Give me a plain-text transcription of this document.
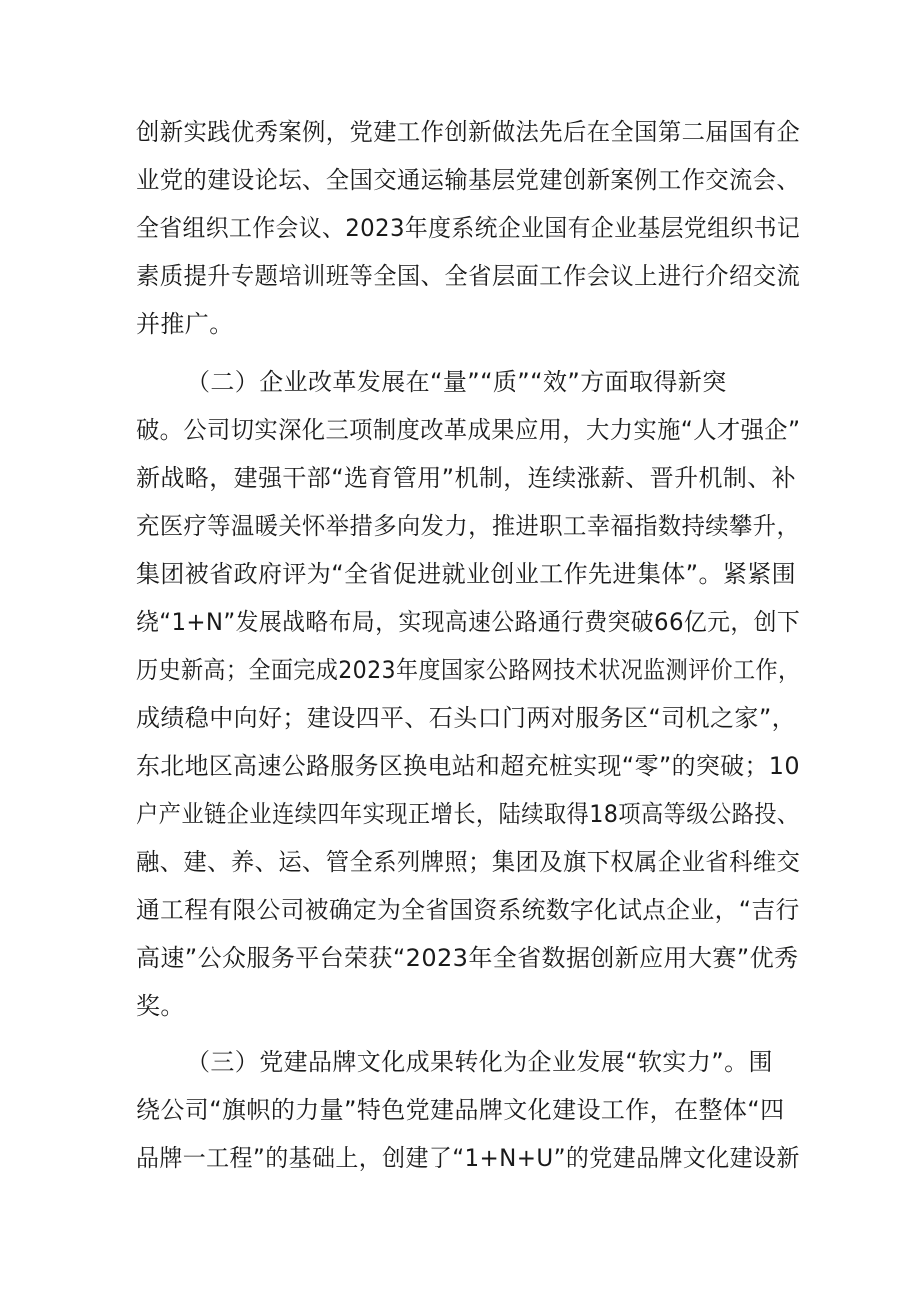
创新实践优秀案例，党建工作创新做法先后在全国第二届国有企
业党的建设论坛、全国交通运输基层党建创新案例工作交流会、
全省组织工作会议、2023年度系统企业国有企业基层党组织书记
素质提升专题培训班等全国、全省层面工作会议上进行介绍交流
并推广。
（二）企业改革发展在“量”“质”“效”方面取得新突
破。公司切实深化三项制度改革成果应用，大力实施“人才强企”
新战略，建强干部“选育管用”机制，连续涨薪、晋升机制、补
充医疗等温暖关怀举措多向发力，推进职工幸福指数持续攀升，
集团被省政府评为“全省促进就业创业工作先进集体”。紧紧围
绕“1+N”发展战略布局，实现高速公路通行费突破66亿元，创下
历史新高；全面完成2023年度国家公路网技术状况监测评价工作，
成绩稳中向好；建设四平、石头口门两对服务区“司机之家”，
东北地区高速公路服务区换电站和超充桩实现“零”的突破；10
户产业链企业连续四年实现正增长，陆续取得18项高等级公路投、
融、建、养、运、管全系列牌照；集团及旗下权属企业省科维交
通工程有限公司被确定为全省国资系统数字化试点企业，“吉行
高速”公众服务平台荣获“2023年全省数据创新应用大赛”优秀
奖。
（三）党建品牌文化成果转化为企业发展“软实力”。围
绕公司“旗帜的力量”特色党建品牌文化建设工作，在整体“四
品牌一工程”的基础上，创建了“1+N+U”的党建品牌文化建设新
